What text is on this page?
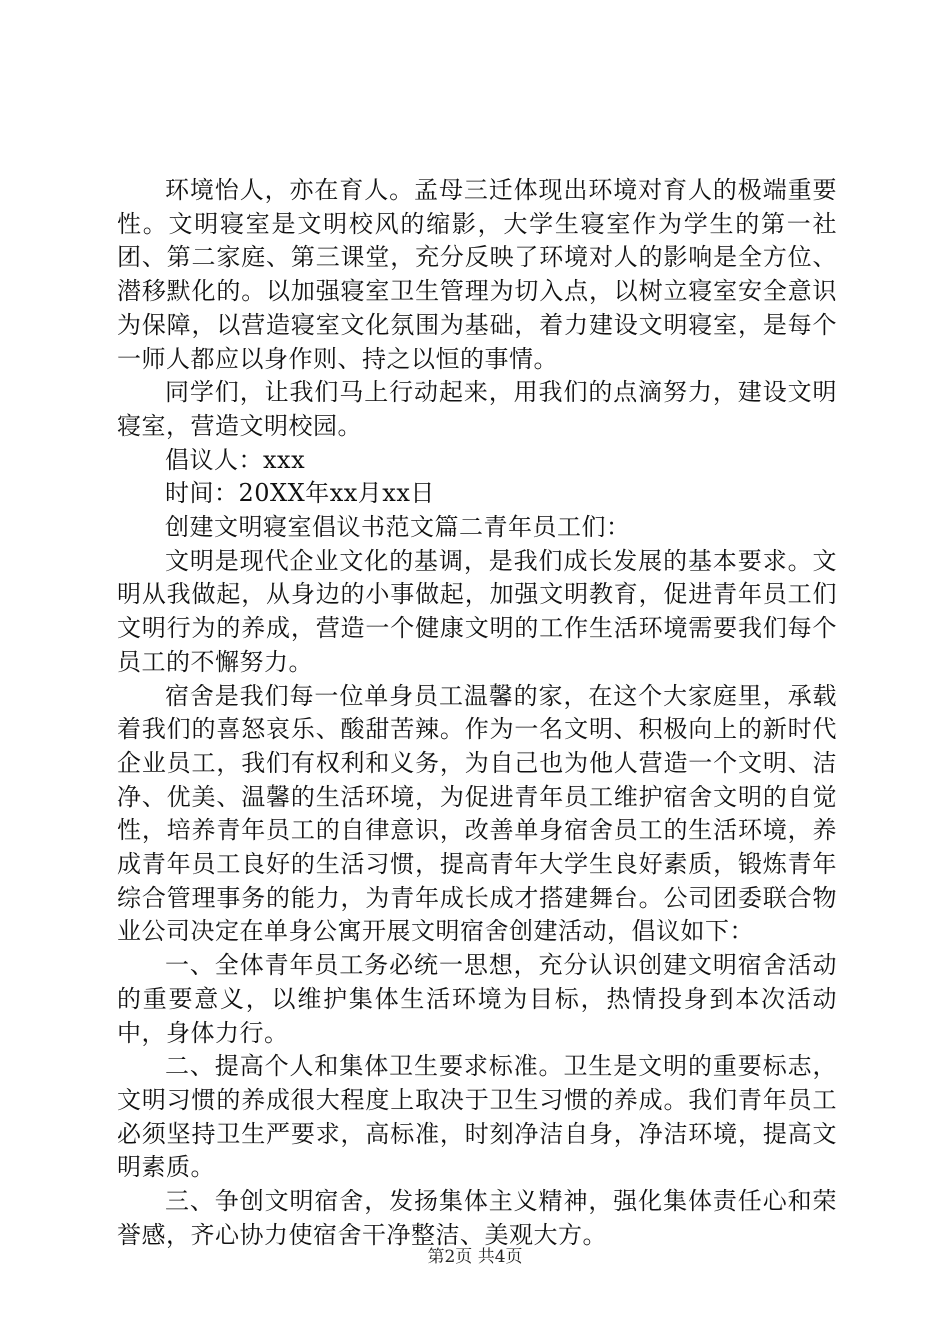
环境怡人，亦在育人。孟母三迁体现出环境对育人的极端重要性。文明寝室是文明校风的缩影，大学生寝室作为学生的第一社团、第二家庭、第三课堂，充分反映了环境对人的影响是全方位、潜移默化的。以加强寝室卫生管理为切入点，以树立寝室安全意识为保障，以营造寝室文化氛围为基础，着力建设文明寝室，是每个一师人都应以身作则、持之以恒的事情。

同学们，让我们马上行动起来，用我们的点滴努力，建设文明寝室，营造文明校园。

倡议人：xxx

时间：20XX年xx月xx日

创建文明寝室倡议书范文篇二青年员工们：

文明是现代企业文化的基调，是我们成长发展的基本要求。文明从我做起，从身边的小事做起，加强文明教育，促进青年员工们文明行为的养成，营造一个健康文明的工作生活环境需要我们每个员工的不懈努力。

宿舍是我们每一位单身员工温馨的家，在这个大家庭里，承载着我们的喜怒哀乐、酸甜苦辣。作为一名文明、积极向上的新时代企业员工，我们有权利和义务，为自己也为他人营造一个文明、洁净、优美、温馨的生活环境，为促进青年员工维护宿舍文明的自觉性，培养青年员工的自律意识，改善单身宿舍员工的生活环境，养成青年员工良好的生活习惯，提高青年大学生良好素质，锻炼青年综合管理事务的能力，为青年成长成才搭建舞台。公司团委联合物业公司决定在单身公寓开展文明宿舍创建活动，倡议如下：

一、全体青年员工务必统一思想，充分认识创建文明宿舍活动的重要意义，以维护集体生活环境为目标，热情投身到本次活动中，身体力行。

二、提高个人和集体卫生要求标准。卫生是文明的重要标志，文明习惯的养成很大程度上取决于卫生习惯的养成。我们青年员工必须坚持卫生严要求，高标准，时刻净洁自身，净洁环境，提高文明素质。

三、争创文明宿舍，发扬集体主义精神，强化集体责任心和荣誉感，齐心协力使宿舍干净整洁、美观大方。

第2页 共4页
